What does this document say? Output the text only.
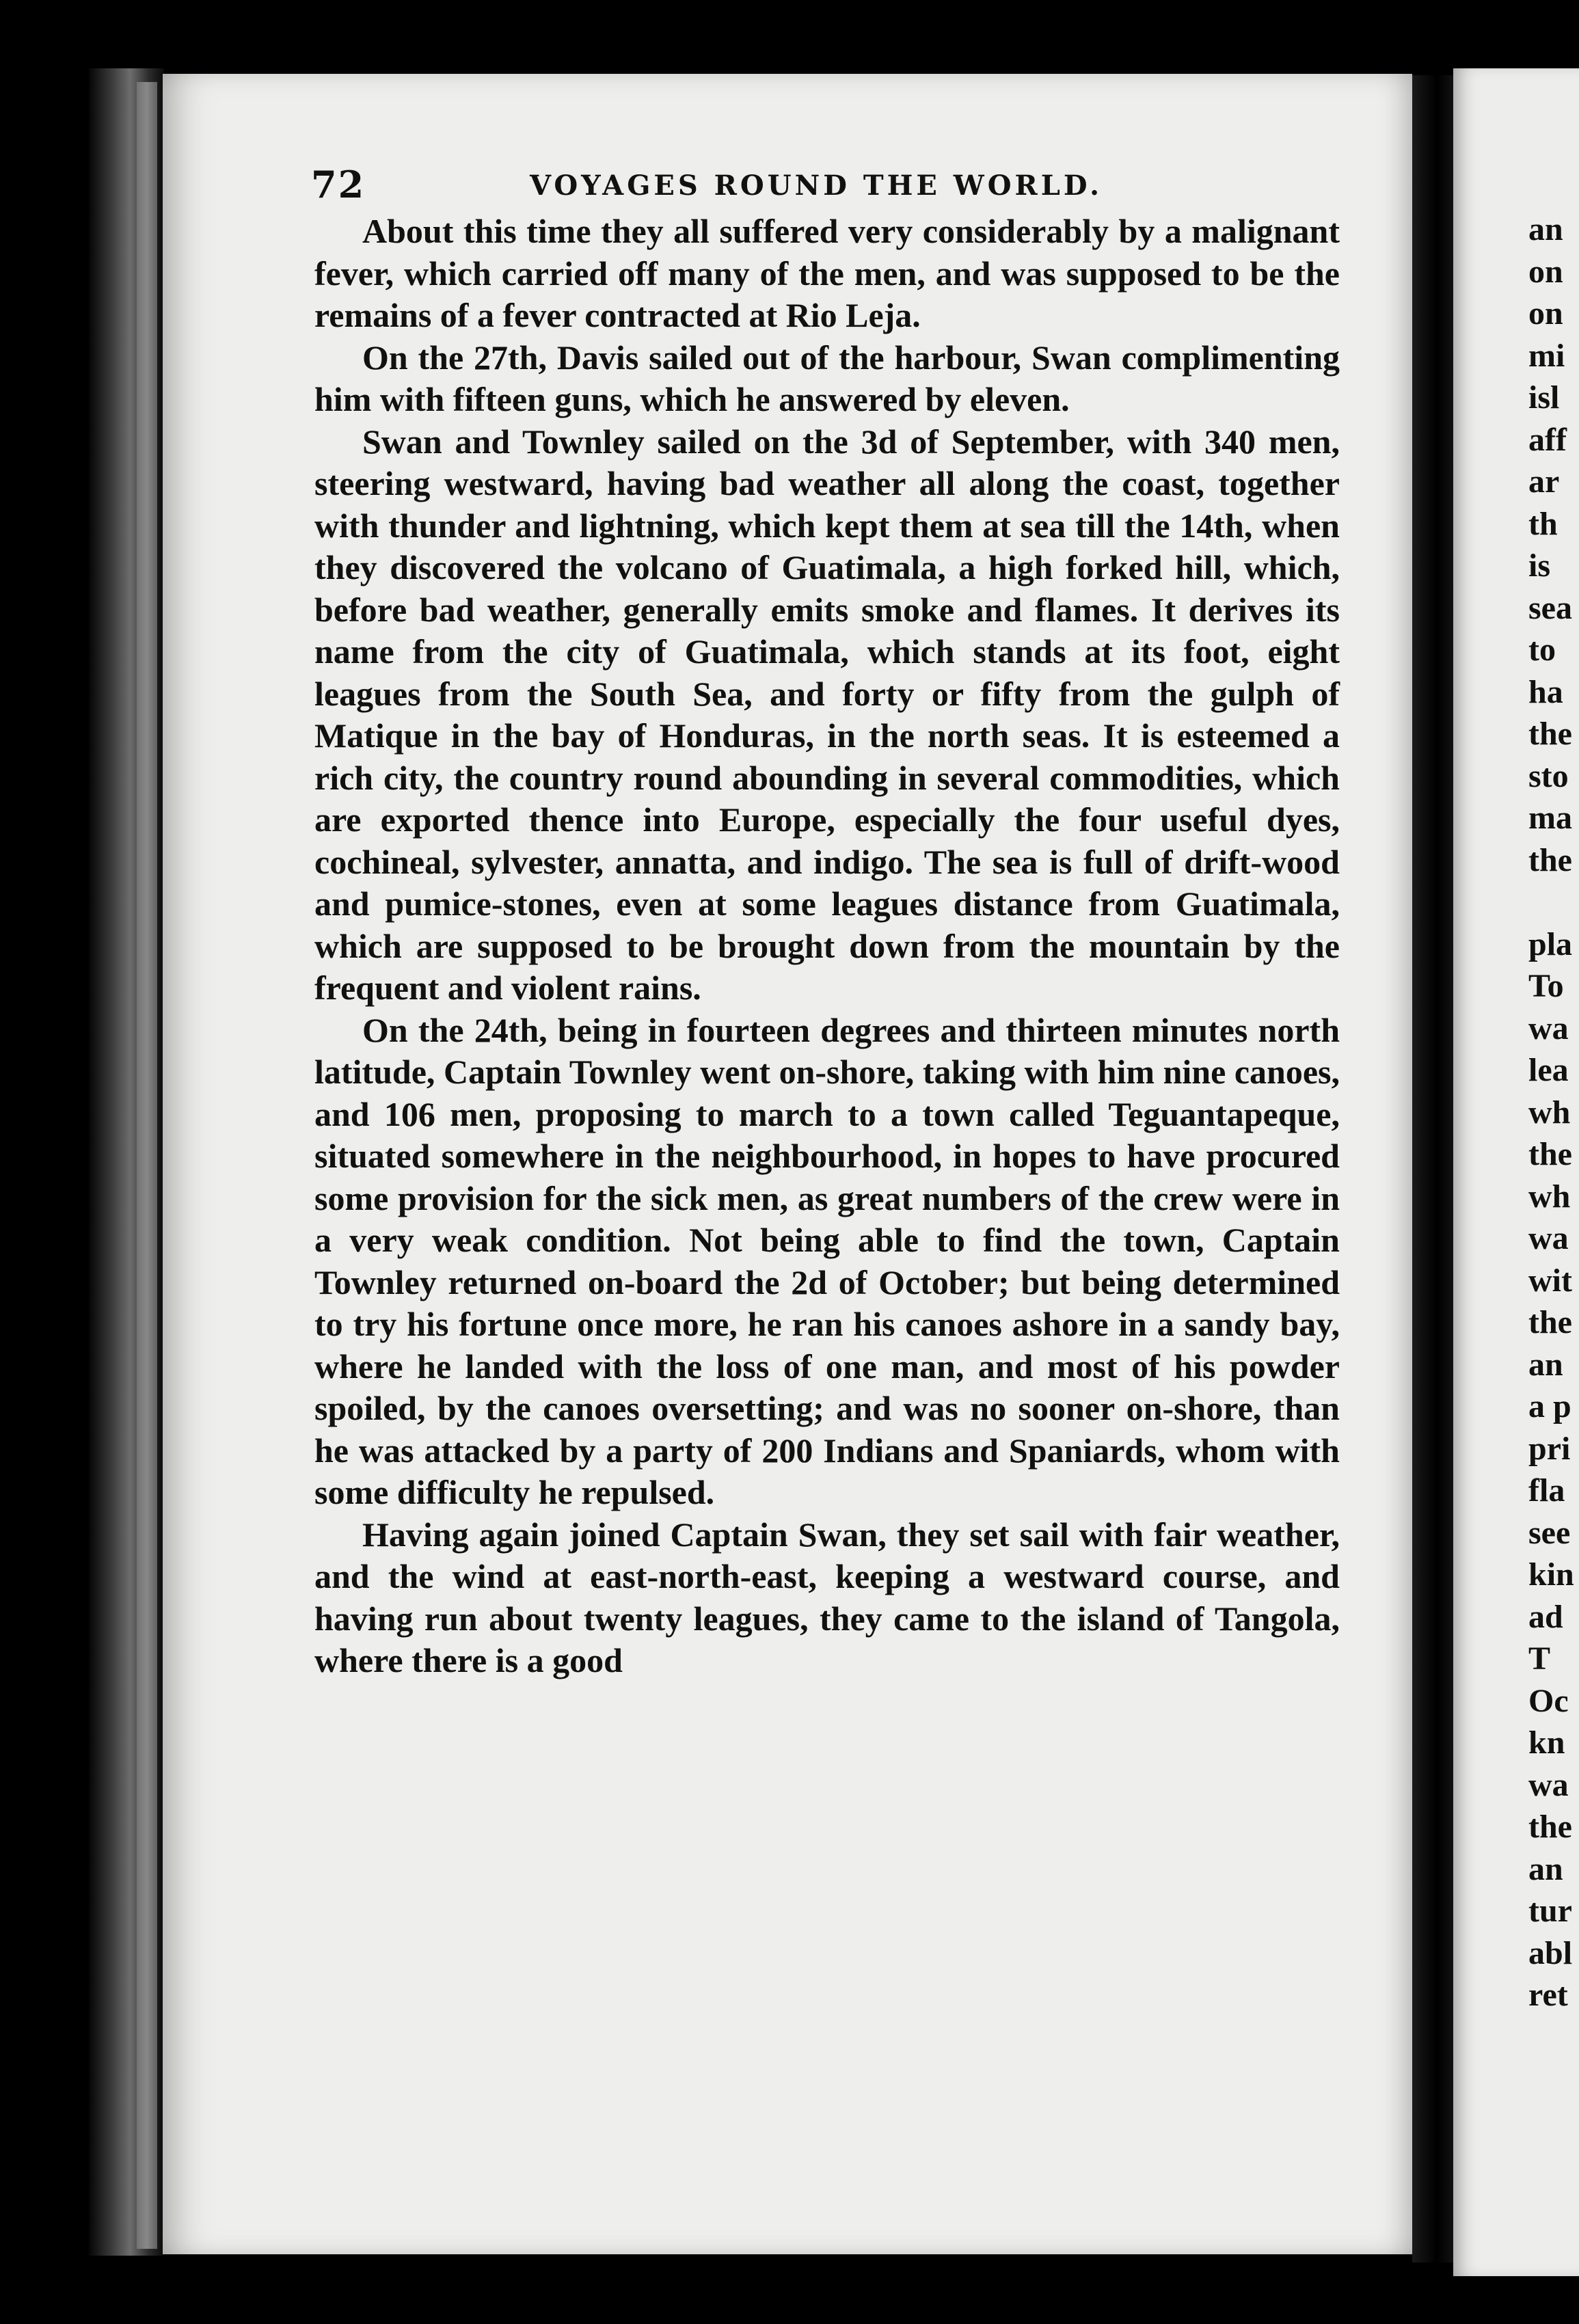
72	VOYAGES ROUND THE WORLD.

About this time they all suffered very considerably by a malignant fever, which carried off many of the men, and was supposed to be the remains of a fever contracted at Rio Leja.

On the 27th, Davis sailed out of the harbour, Swan complimenting him with fifteen guns, which he answered by eleven.

Swan and Townley sailed on the 3d of September, with 340 men, steering westward, having bad weather all along the coast, together with thunder and lightning, which kept them at sea till the 14th, when they discovered the volcano of Guatimala, a high forked hill, which, before bad weather, generally emits smoke and flames. It derives its name from the city of Guatimala, which stands at its foot, eight leagues from the South Sea, and forty or fifty from the gulph of Matique in the bay of Honduras, in the north seas. It is esteemed a rich city, the country round abounding in several commodities, which are exported thence into Europe, especially the four useful dyes, cochineal, sylvester, annatta, and indigo. The sea is full of drift-wood and pumice-stones, even at some leagues distance from Guatimala, which are supposed to be brought down from the mountain by the frequent and violent rains.

On the 24th, being in fourteen degrees and thirteen minutes north latitude, Captain Townley went on-shore, taking with him nine canoes, and 106 men, proposing to march to a town called Teguantapeque, situated somewhere in the neighbourhood, in hopes to have procured some provision for the sick men, as great numbers of the crew were in a very weak condition. Not being able to find the town, Captain Townley returned on-board the 2d of October; but being determined to try his fortune once more, he ran his canoes ashore in a sandy bay, where he landed with the loss of one man, and most of his powder spoiled, by the canoes oversetting; and was no sooner on-shore, than he was attacked by a party of 200 Indians and Spaniards, whom with some difficulty he repulsed.

Having again joined Captain Swan, they set sail with fair weather, and the wind at east-north-east, keeping a westward course, and having run about twenty leagues, they came to the island of Tangola, where there is a good

an
on
on
mi
isl
aff
ar
th
is
sea
to
ha
the
sto
ma
the
pla
To
wa
lea
wh
the
wh
wa
wit
the
an
a p
pri
fla
see
kin
ad
T
Oc
kn
wa
the
an
tur
abl
ret
